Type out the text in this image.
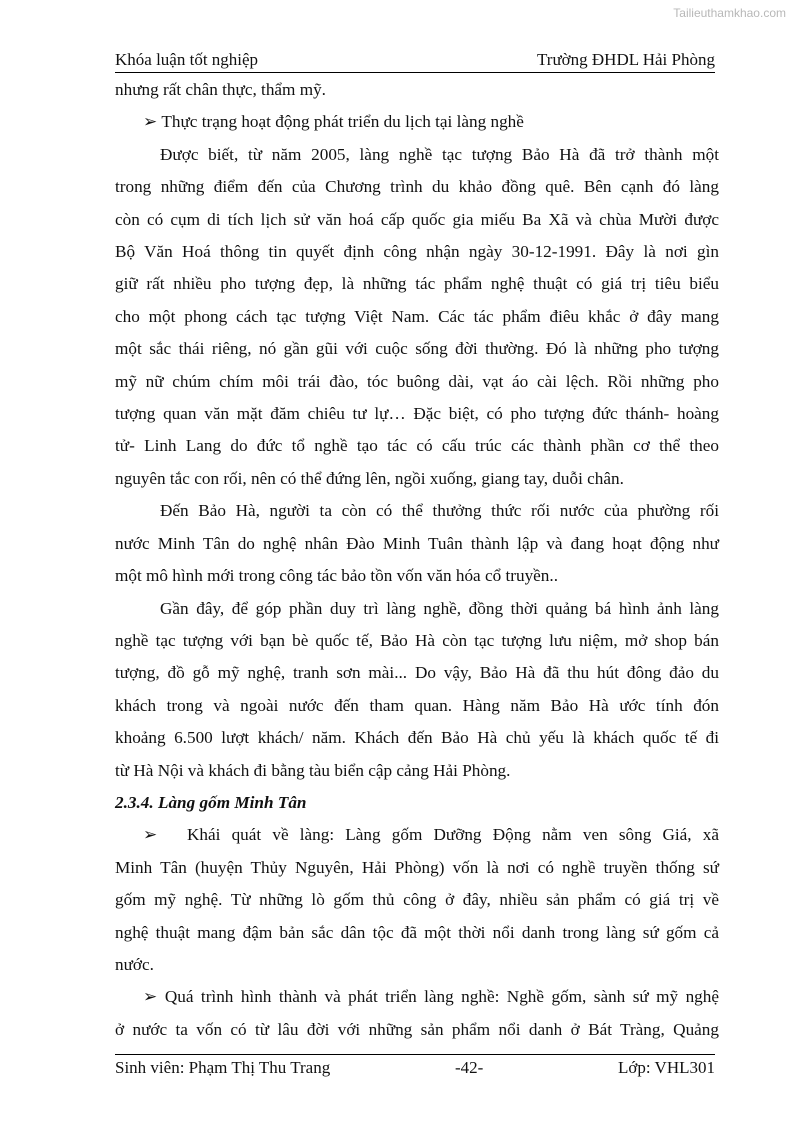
Tailieuthamkhao.com
Khóa luận tốt nghiệp	Trường ĐHDL Hải Phòng

nhưng rất chân thực, thẩm mỹ.

➢ Thực trạng hoạt động phát triển du lịch tại làng nghề

Được biết, từ năm 2005, làng nghề tạc tượng Bảo Hà đã trở thành một

trong những điểm đến của Chương trình du khảo đồng quê. Bên cạnh đó làng

còn có cụm di tích lịch sử văn hoá cấp quốc gia miếu Ba Xã và chùa Mười được

Bộ Văn Hoá thông tin quyết định công nhận ngày 30-12-1991. Đây là nơi gìn

giữ rất nhiều pho tượng đẹp, là những tác phẩm nghệ thuật có giá trị tiêu biểu

cho một phong cách tạc tượng Việt Nam. Các tác phẩm điêu khắc ở đây mang

một sắc thái riêng, nó gần gũi với cuộc sống đời thường. Đó là những pho tượng

mỹ nữ chúm chím môi trái đào, tóc buông dài, vạt áo cài lệch. Rồi những pho

tượng quan văn mặt đăm chiêu tư lự… Đặc biệt, có pho tượng đức thánh- hoàng

tử- Linh Lang do đức tổ nghề tạo tác có cấu trúc các thành phần cơ thể theo

nguyên tắc con rối, nên có thể đứng lên, ngồi xuống, giang tay, duỗi chân.

Đến Bảo Hà, người ta còn có thể thưởng thức rối nước của phường rối

nước Minh Tân do nghệ nhân Đào Minh Tuân thành lập và đang hoạt động như

một mô hình mới trong công tác bảo tồn vốn văn hóa cổ truyền..

Gần đây, để góp phần duy trì làng nghề, đồng thời quảng bá hình ảnh làng

nghề tạc tượng với bạn bè quốc tế, Bảo Hà còn tạc tượng lưu niệm, mở shop bán

tượng, đồ gỗ mỹ nghệ, tranh sơn mài... Do vậy, Bảo Hà đã thu hút đông đảo du

khách trong và ngoài nước đến tham quan. Hàng năm Bảo Hà ước tính đón

khoảng 6.500 lượt khách/ năm. Khách đến Bảo Hà chủ yếu là khách quốc tế đi

từ Hà Nội và khách đi bằng tàu biển cập cảng Hải Phòng.

2.3.4. Làng gốm Minh Tân

➢ Khái quát về làng: Làng gốm Dưỡng Động nằm ven sông Giá, xã

Minh Tân (huyện Thủy Nguyên, Hải Phòng) vốn là nơi có nghề truyền thống sứ

gốm mỹ nghệ. Từ những lò gốm thủ công ở đây, nhiều sản phẩm có giá trị về

nghệ thuật mang đậm bản sắc dân tộc đã một thời nổi danh trong làng sứ gốm cả

nước.

➢ Quá trình hình thành và phát triển làng nghề: Nghề gốm, sành sứ mỹ nghệ

ở nước ta vốn có từ lâu đời với những sản phẩm nổi danh ở Bát Tràng, Quảng

Sinh viên: Phạm Thị Thu Trang	-42-	Lớp: VHL301
